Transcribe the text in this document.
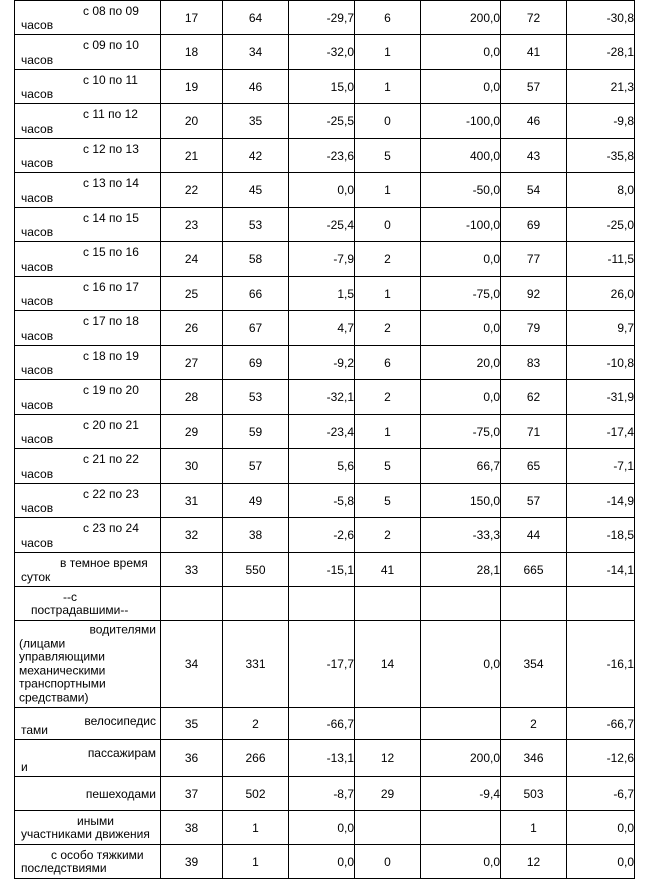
с 08 по 09
часов	17	64	-29,7	6	200,0	72	-30,8

с 09 по 10
часов	18	34	-32,0	1	0,0	41	-28,1

с 10 по 11
часов	19	46	15,0	1	0,0	57	21,3

с 11 по 12
часов	20	35	-25,5	0	-100,0	46	-9,8

с 12 по 13
часов	21	42	-23,6	5	400,0	43	-35,8

с 13 по 14
часов	22	45	0,0	1	-50,0	54	8,0

с 14 по 15
часов	23	53	-25,4	0	-100,0	69	-25,0

с 15 по 16
часов	24	58	-7,9	2	0,0	77	-11,5

с 16 по 17
часов	25	66	1,5	1	-75,0	92	26,0

с 17 по 18
часов	26	67	4,7	2	0,0	79	9,7

с 18 по 19
часов	27	69	-9,2	6	20,0	83	-10,8

с 19 по 20
часов	28	53	-32,1	2	0,0	62	-31,9

с 20 по 21
часов	29	59	-23,4	1	-75,0	71	-17,4

с 21 по 22
часов	30	57	5,6	5	66,7	65	-7,1

с 22 по 23
часов	31	49	-5,8	5	150,0	57	-14,9

с 23 по 24
часов	32	38	-2,6	2	-33,3	44	-18,5

в темное время
суток	33	550	-15,1	41	28,1	665	-14,1

--с
пострадавшими--							

водителями
(лицами управляющими механическими транспортными средствами)	34	331	-17,7	14	0,0	354	-16,1

велосипедис
тами	35	2	-66,7			2	-66,7

пассажирам
и	36	266	-13,1	12	200,0	346	-12,6

пешеходами	37	502	-8,7	29	-9,4	503	-6,7

иными
участниками движения	38	1	0,0			1	0,0

с особо тяжкими
последствиями	39	1	0,0	0	0,0	12	0,0
